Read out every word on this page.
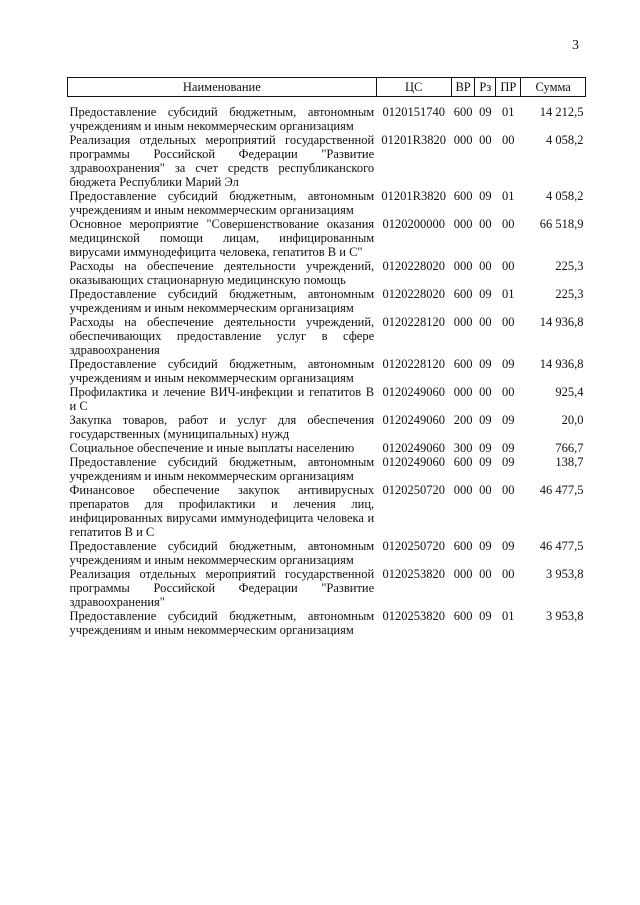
3
Наименование	ЦС	ВР	Рз	ПР	Сумма
Предоставление субсидий бюджетным, автономным учреждениям и иным некоммерческим организациям	0120151740	600	09	01	14 212,5
Реализация отдельных мероприятий государственной программы Российской Федерации "Развитие здравоохранения" за счет средств республиканского бюджета Республики Марий Эл	01201R3820	000	00	00	4 058,2
Предоставление субсидий бюджетным, автономным учреждениям и иным некоммерческим организациям	01201R3820	600	09	01	4 058,2
Основное мероприятие "Совершенствование оказания медицинской помощи лицам, инфицированным вирусами иммунодефицита человека, гепатитов В и С"	0120200000	000	00	00	66 518,9
Расходы на обеспечение деятельности учреждений, оказывающих стационарную медицинскую помощь	0120228020	000	00	00	225,3
Предоставление субсидий бюджетным, автономным учреждениям и иным некоммерческим организациям	0120228020	600	09	01	225,3
Расходы на обеспечение деятельности учреждений, обеспечивающих предоставление услуг в сфере здравоохранения	0120228120	000	00	00	14 936,8
Предоставление субсидий бюджетным, автономным учреждениям и иным некоммерческим организациям	0120228120	600	09	09	14 936,8
Профилактика и лечение ВИЧ-инфекции и гепатитов В и С	0120249060	000	00	00	925,4
Закупка товаров, работ и услуг для обеспечения государственных (муниципальных) нужд	0120249060	200	09	09	20,0
Социальное обеспечение и иные выплаты населению	0120249060	300	09	09	766,7
Предоставление субсидий бюджетным, автономным учреждениям и иным некоммерческим организациям	0120249060	600	09	09	138,7
Финансовое обеспечение закупок антивирусных препаратов для профилактики и лечения лиц, инфицированных вирусами иммунодефицита человека и гепатитов В и С	0120250720	000	00	00	46 477,5
Предоставление субсидий бюджетным, автономным учреждениям и иным некоммерческим организациям	0120250720	600	09	09	46 477,5
Реализация отдельных мероприятий государственной программы Российской Федерации "Развитие здравоохранения"	0120253820	000	00	00	3 953,8
Предоставление субсидий бюджетным, автономным учреждениям и иным некоммерческим организациям	0120253820	600	09	01	3 953,8
